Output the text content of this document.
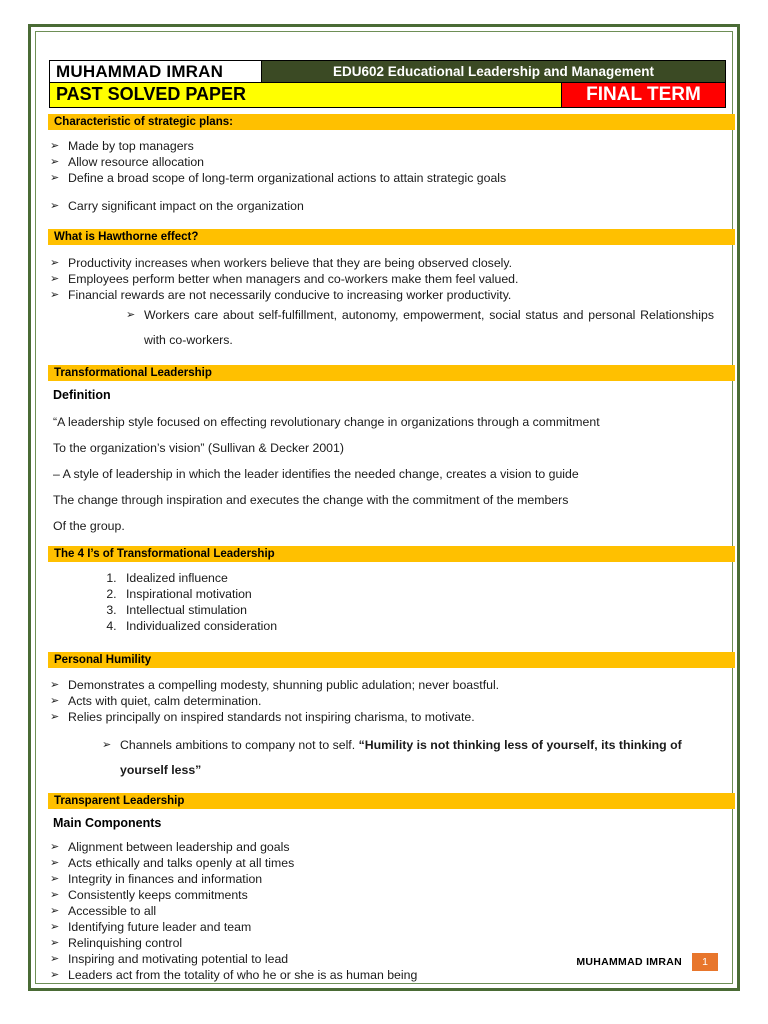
MUHAMMAD IMRAN	EDU602 Educational Leadership and Management
PAST SOLVED PAPER	FINAL TERM
Characteristic of strategic plans:
➢ Made by top managers
➢ Allow resource allocation
➢ Define a broad scope of long-term organizational actions to attain strategic goals
➢ Carry significant impact on the organization
What is Hawthorne effect?
➢ Productivity increases when workers believe that they are being observed closely.
➢ Employees perform better when managers and co-workers make them feel valued.
➢ Financial rewards are not necessarily conducive to increasing worker productivity.
➢ Workers care about self-fulfillment, autonomy, empowerment, social status and personal Relationships with co-workers.
Transformational Leadership
Definition
“A leadership style focused on effecting revolutionary change in organizations through a commitment
To the organization’s vision” (Sullivan & Decker 2001)
– A style of leadership in which the leader identifies the needed change, creates a vision to guide
The change through inspiration and executes the change with the commitment of the members
Of the group.
The 4 I’s of Transformational Leadership
1. Idealized influence
2. Inspirational motivation
3. Intellectual stimulation
4. Individualized consideration
Personal Humility
➢ Demonstrates a compelling modesty, shunning public adulation; never boastful.
➢ Acts with quiet, calm determination.
➢ Relies principally on inspired standards not inspiring charisma, to motivate.
➢ Channels ambitions to company not to self. “Humility is not thinking less of yourself, its thinking of yourself less”
Transparent Leadership
Main Components
➢ Alignment between leadership and goals
➢ Acts ethically and talks openly at all times
➢ Integrity in finances and information
➢ Consistently keeps commitments
➢ Accessible to all
➢ Identifying future leader and team
➢ Relinquishing control
➢ Inspiring and motivating potential to lead
➢ Leaders act from the totality of who he or she is as human being
MUHAMMAD IMRAN	1
